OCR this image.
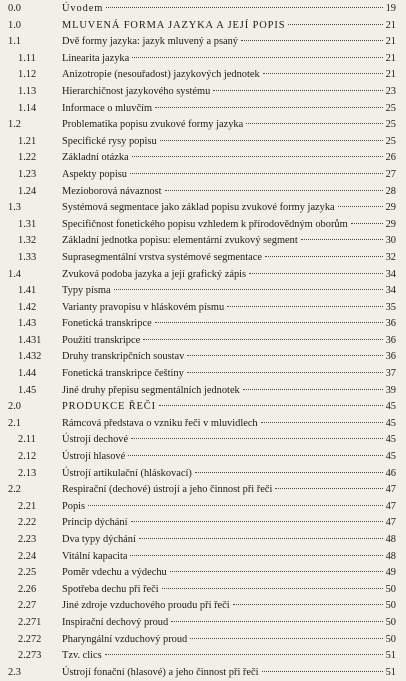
0.0	Úvodem	19
1.0	MLUVENÁ FORMA JAZYKA A JEJÍ POPIS	21
1.1	Dvě formy jazyka: jazyk mluvený a psaný	21
1.11	Linearita jazyka	21
1.12 Anizotropie (nesouřadost) jazykových jednotek	21
1.13 Hierarchičnost jazykového systému	23
1.14 Informace o mluvčím	25
1.2	Problematika popisu zvukové formy jazyka	25
1.21 Specifické rysy popisu	25
1.22 Základní otázka	26
1.23 Aspekty popisu	27
1.24 Mezioborová návaznost	28
1.3	Systémová segmentace jako základ popisu zvukové formy jazyka	29
1.31 Specifičnost fonetického popisu vzhledem k přírodovědným oborům	29
1.32 Základní jednotka popisu: elementární zvukový segment	30
1.33 Suprasegmentální vrstva systémové segmentace	32
1.4	Zvuková podoba jazyka a její grafický zápis	34
1.41 Typy písma	34
1.42 Varianty pravopisu v hláskovém písmu	35
1.43 Fonetická transkripce	36
1.431 Použití transkripce	36
1.432 Druhy transkripčních soustav	36
1.44 Fonetická transkripce češtiny	37
1.45 Jiné druhy přepisu segmentálních jednotek	39
2.0	PRODUKCE ŘEČI	45
2.1	Rámcová představa o vzniku řeči v mluvidlech	45
2.11	Ústrojí dechové	45
2.12 Ústrojí hlasové	45
2.13 Ústrojí artikulační (hláskovací)	46
2.2	Respirační (dechové) ústrojí a jeho činnost při řeči	47
2.21 Popis	47
2.22 Princip dýchání	47
2.23 Dva typy dýchání	48
2.24 Vitální kapacita	48
2.25 Poměr vdechu a výdechu	49
2.26 Spotřeba dechu při řeči	50
2.27 Jiné zdroje vzduchového proudu při řeči	50
2.271 Inspirační dechový proud	50
2.272 Pharyngální vzduchový proud	50
2.273 Tzv. clics	51
2.3	Ústrojí fonační (hlasové) a jeho činnost při řeči	51
